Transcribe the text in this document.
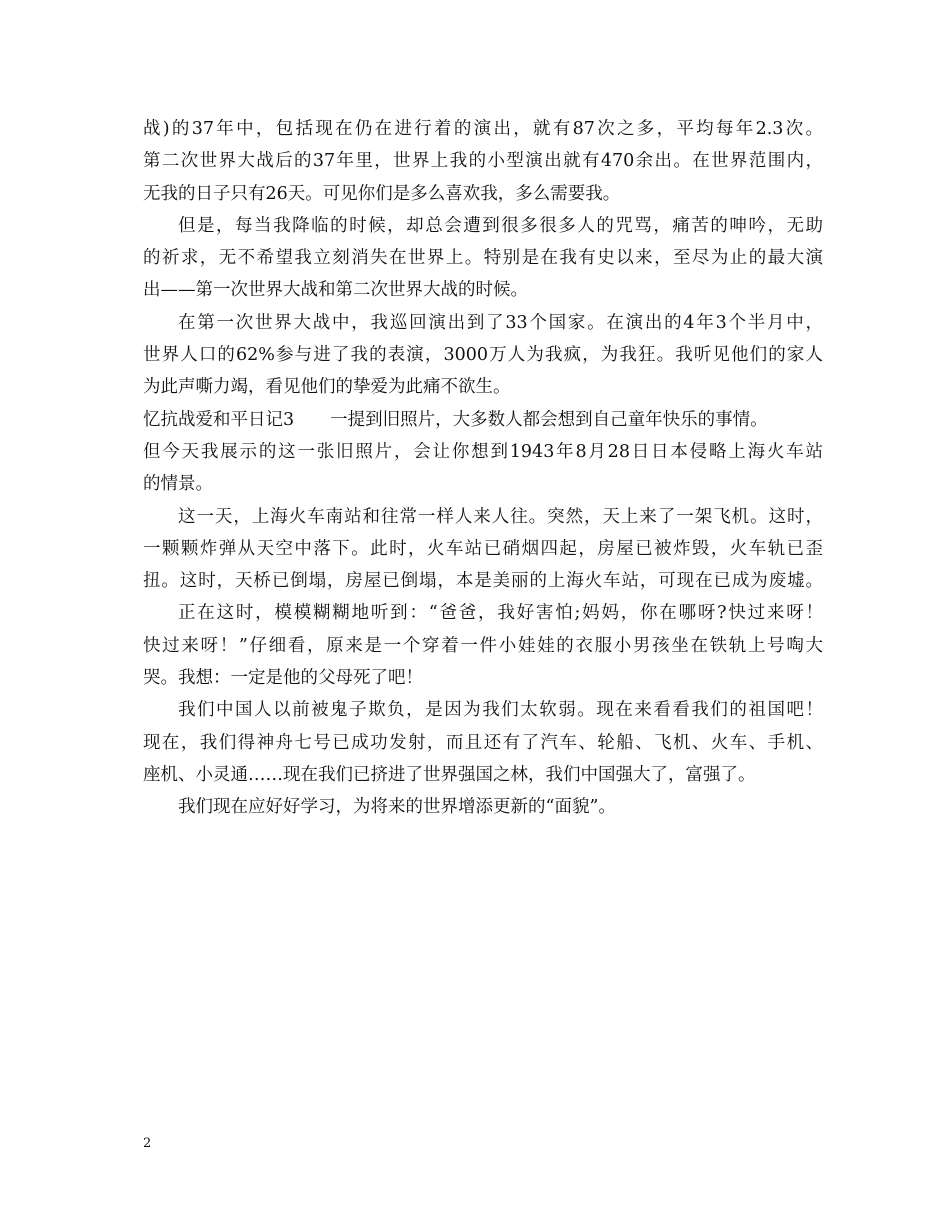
战)的37年中，包括现在仍在进行着的演出，就有87次之多，平均每年2.3次。
第二次世界大战后的37年里，世界上我的小型演出就有470余出。在世界范围内，
无我的日子只有26天。可见你们是多么喜欢我，多么需要我。
但是，每当我降临的时候，却总会遭到很多很多人的咒骂，痛苦的呻吟，无助
的祈求，无不希望我立刻消失在世界上。特别是在我有史以来，至尽为止的最大演
出——第一次世界大战和第二次世界大战的时候。
在第一次世界大战中，我巡回演出到了33个国家。在演出的4年3个半月中，
世界人口的62%参与进了我的表演，3000万人为我疯，为我狂。我听见他们的家人
为此声嘶力竭，看见他们的挚爱为此痛不欲生。
忆抗战爱和平日记3 一提到旧照片，大多数人都会想到自己童年快乐的事情。
但今天我展示的这一张旧照片，会让你想到1943年8月28日日本侵略上海火车站
的情景。
这一天，上海火车南站和往常一样人来人往。突然，天上来了一架飞机。这时，
一颗颗炸弹从天空中落下。此时，火车站已硝烟四起，房屋已被炸毁，火车轨已歪
扭。这时，天桥已倒塌，房屋已倒塌，本是美丽的上海火车站，可现在已成为废墟。
正在这时，模模糊糊地听到：“爸爸，我好害怕;妈妈，你在哪呀?快过来呀！
快过来呀！”仔细看，原来是一个穿着一件小娃娃的衣服小男孩坐在铁轨上号啕大
哭。我想：一定是他的父母死了吧！
我们中国人以前被鬼子欺负，是因为我们太软弱。现在来看看我们的祖国吧！
现在，我们得神舟七号已成功发射，而且还有了汽车、轮船、飞机、火车、手机、
座机、小灵通……现在我们已挤进了世界强国之林，我们中国强大了，富强了。
我们现在应好好学习，为将来的世界增添更新的“面貌”。
2
